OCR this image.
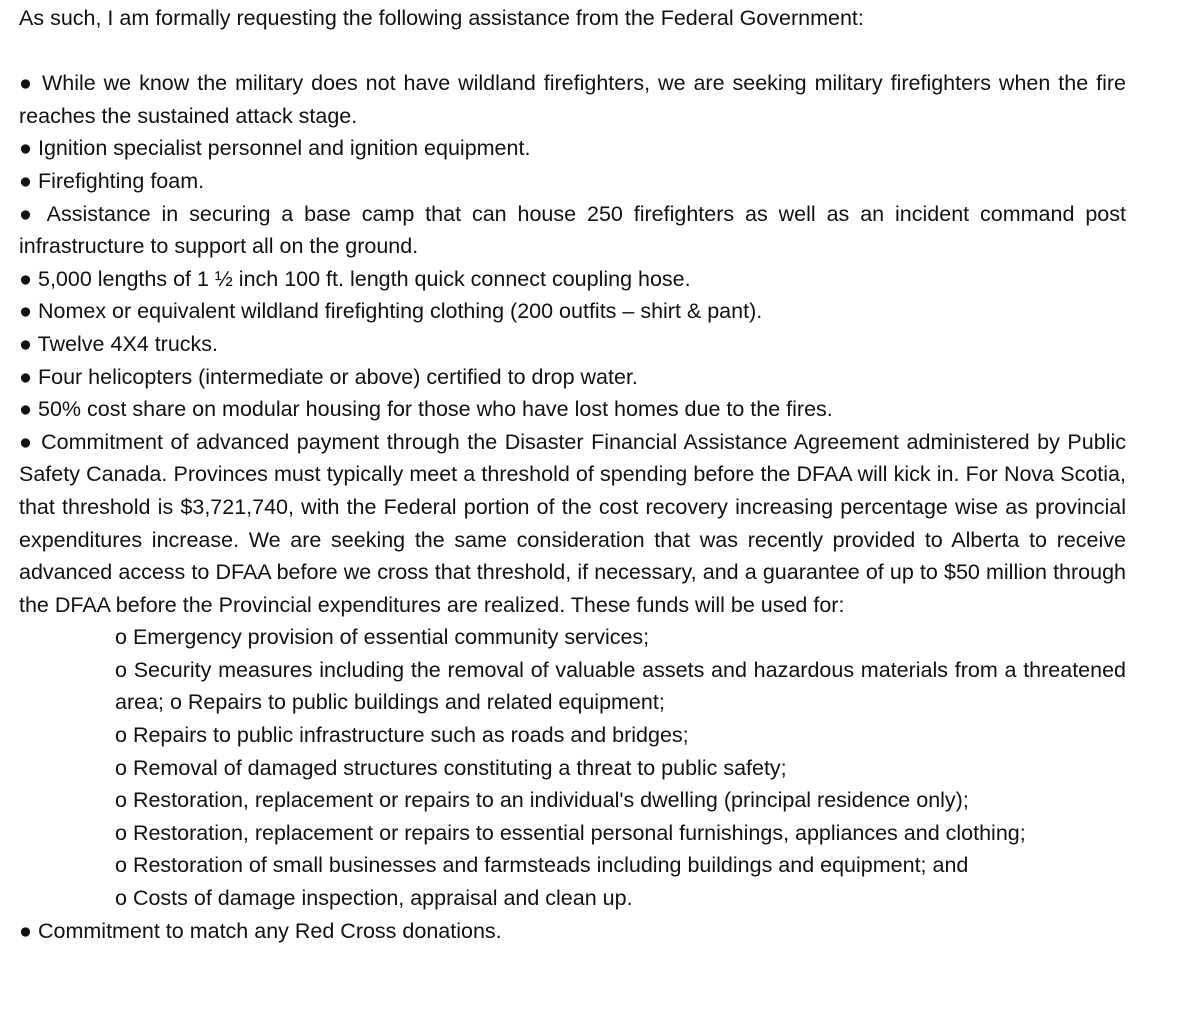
As such, I am formally requesting the following assistance from the Federal Government:

● While we know the military does not have wildland firefighters, we are seeking military firefighters when the fire reaches the sustained attack stage.

● Ignition specialist personnel and ignition equipment.

● Firefighting foam.

● Assistance in securing a base camp that can house 250 firefighters as well as an incident command post infrastructure to support all on the ground.

● 5,000 lengths of 1 ½ inch 100 ft. length quick connect coupling hose.

● Nomex or equivalent wildland firefighting clothing (200 outfits – shirt & pant).

● Twelve 4X4 trucks.

● Four helicopters (intermediate or above) certified to drop water.

● 50% cost share on modular housing for those who have lost homes due to the fires.

● Commitment of advanced payment through the Disaster Financial Assistance Agreement administered by Public Safety Canada. Provinces must typically meet a threshold of spending before the DFAA will kick in. For Nova Scotia, that threshold is $3,721,740, with the Federal portion of the cost recovery increasing percentage wise as provincial expenditures increase. We are seeking the same consideration that was recently provided to Alberta to receive advanced access to DFAA before we cross that threshold, if necessary, and a guarantee of up to $50 million through the DFAA before the Provincial expenditures are realized. These funds will be used for:

o Emergency provision of essential community services;

o Security measures including the removal of valuable assets and hazardous materials from a threatened area; o Repairs to public buildings and related equipment;

o Repairs to public infrastructure such as roads and bridges;

o Removal of damaged structures constituting a threat to public safety;

o Restoration, replacement or repairs to an individual's dwelling (principal residence only);

o Restoration, replacement or repairs to essential personal furnishings, appliances and clothing;

o Restoration of small businesses and farmsteads including buildings and equipment; and

o Costs of damage inspection, appraisal and clean up.

● Commitment to match any Red Cross donations.
